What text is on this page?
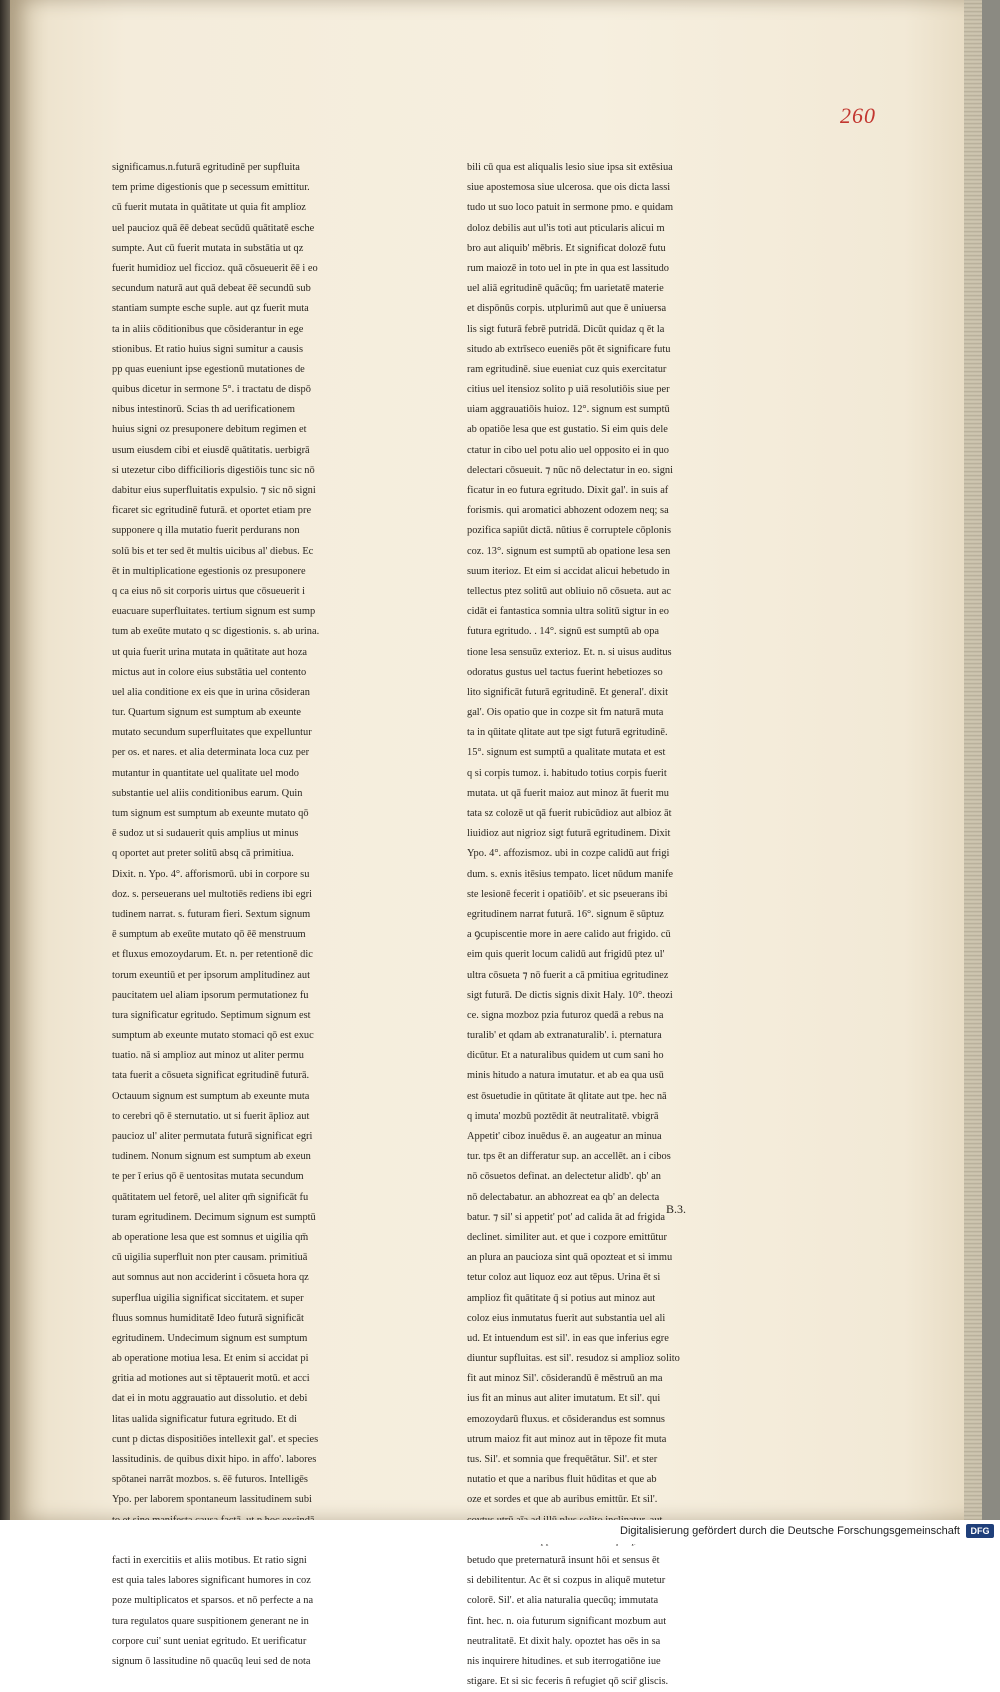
260
significamus.n.futurā egritudinē per supfluita
tem prime digestionis que p secessum emittitur.
cū fuerit mutata in quātitate ut quia fit amplioz
uel paucioz quā ēē debeat secūdū quātitatē esche
sumpte. Aut cū fuerit mutata in substātia ut qz
fuerit humidioz uel ficcioz. quā cōsueuerit ēē i eo
secundum naturā aut quā debeat ēē secundū sub
stantiam sumpte esche suple. aut qz fuerit muta
ta in aliis cōditionibus que cōsiderantur in ege
stionibus. Et ratio huius signi sumitur a causis
pp quas eueniunt ipse egestionū mutationes de
quibus dicetur in sermone 5°. i tractatu de dispō
nibus intestinorū. Scias th ad uerificationem
huius signi oz presuponere debitum regimen et
usum eiusdem cibi et eiusdē quātitatis. uerbigrā
si utezetur cibo difficilioris digestiōis tunc sic nō
dabitur eius superfluitatis expulsio. ⁊ sic nō signi
ficaret sic egritudinē futurā. et oportet etiam pre
supponere q illa mutatio fuerit perdurans non
solū bis et ter sed ēt multis uicibus al' diebus. Ec
ēt in multiplicatione egestionis oz presuponere
q ca eius nō sit corporis uirtus que cōsueuerit i
euacuare superfluitates. tertium signum est sump
tum ab exeūte mutato q sc digestionis. s. ab urina.
ut quia fuerit urina mutata in quātitate aut hoza
mictus aut in colore eius substātia uel contento
uel alia conditione ex eis que in urina cōsideran
tur. Quartum signum est sumptum ab exeunte
mutato secundum superfluitates que expelluntur
per os. et nares. et alia determinata loca cuz per
mutantur in quantitate uel qualitate uel modo
substantie uel aliis conditionibus earum. Quin
tum signum est sumptum ab exeunte mutato qō
ē sudoz ut si sudauerit quis amplius ut minus
q oportet aut preter solitū absq cā primitiua.
Dixit. n. Ypo. 4°. afforismorū. ubi in corpore su
doz. s. perseuerans uel multotiēs rediens ibi egri
tudinem narrat. s. futuram fieri. Sextum signum
ē sumptum ab exeūte mutato qō ēē menstruum
et fluxus emozoydarum. Et. n. per retentionē dic
torum exeuntiū et per ipsorum amplitudinez aut
paucitatem uel aliam ipsorum permutationez fu
tura significatur egritudo. Septimum signum est
sumptum ab exeunte mutato stomaci qō est exuc
tuatio. nā si amplioz aut minoz ut aliter permu
tata fuerit a cōsueta significat egritudinē futurā.
Octauum signum est sumptum ab exeunte muta
to cerebri qō ē sternutatio. ut si fuerit āplioz aut
paucioz ul' aliter permutata futurā significat egri
tudinem. Nonum signum est sumptum ab exeun
te per ī erius qō ē uentositas mutata secundum
quātitatem uel fetorē, uel aliter qm̄ significāt fu
turam egritudinem. Decimum signum est sumptū
ab operatione lesa que est somnus et uigilia qm̄
cū uigilia superfluit non pter causam. primitiuā
aut somnus aut non acciderint i cōsueta hora qz
superflua uigilia significat siccitatem. et super
fluus somnus humiditatē Ideo futurā significāt
egritudinem. Undecimum signum est sumptum
ab operatione motiua lesa. Et enim si accidat pi
gritia ad motiones aut si tēptauerit motū. et acci
dat ei in motu aggrauatio aut dissolutio. et debi
litas ualida significatur futura egritudo. Et di
cunt p dictas dispositiōes intellexit gal'. et species
lassitudinis. de quibus dixit hipo. in affo'. labores
spōtanei narrāt mozbos. s. ēē futuros. Intelligēs
Ypo. per laborem spontaneum lassitudinem subi
facti in exercitiis et aliis motibus. Et ratio signi
est quia tales labores significant humores in coz
poze multiplicatos et sparsos. et nō perfecte a na
tura regulatos quare suspitionem generant ne in
corpore cui' sunt ueniat egritudo. Et uerificatur
signum ō lassitudine nō quacūq leui sed de nota
bili cū qua est aliqualis lesio siue ipsa sit extēsiua
siue apostemosa siue ulcerosa. que ois dicta lassi
tudo ut suo loco patuit in sermone pmo. e quidam
doloz debilis aut ul'is toti aut pticularis alicui m
bro aut aliquib' mēbris. Et significat dolozē futu
rum maiozē in toto uel in pte in qua est lassitudo
uel aliā egritudinē quācūq; fm uarietatē materie
et dispōnūs corpis. utplurimū aut que ē uniuersa
lis sigt futurā febrē putridā. Dicūt quidaz q ēt la
situdo ab extrīseco eueniēs pōt ēt significare futu
ram egritudinē. siue eueniat cuz quis exercitatur
citius uel itensioz solito p uiā resolutiōis siue per
uiam aggrauatiōis huioz. 12°. signum est sumptū
ab opatiōe lesa que est gustatio. Si eim quis dele
ctatur in cibo uel potu alio uel opposito ei in quo
delectari cōsueuit. ⁊ nūc nō delectatur in eo. signi
ficatur in eo futura egritudo. Dixit gal'. in suis af
forismis. qui aromatici abhozent odozem neq; sa
pozifica sapiūt dictā. nūtius ē corruptele cōplonis
coz. 13°. signum est sumptū ab opatione lesa sen
suum iterioz. Et eim si accidat alicui hebetudo in
tellectus ptez solitū aut obliuio nō cōsueta. aut ac
cidāt ei fantastica somnia ultra solitū sigtur in eo
futura egritudo. . 14°. signū est sumptū ab opa
tione lesa sensuūz exterioz. Et. n. si uisus auditus
odoratus gustus uel tactus fuerint hebetiozes so
lito significāt futurā egritudinē. Et general'. dixit
gal'. Ois opatio que in cozpe sit fm naturā muta
ta in qūitate qlitate aut tpe sigt futurā egritudinē.
15°. signum est sumptū a qualitate mutata et est
q si corpis tumoz. i. habitudo totius corpis fuerit
mutata. ut qā fuerit maioz aut minoz āt fuerit mu
tata sz colozē ut qā fuerit rubicūdioz aut albioz āt
liuidioz aut nigrioz sigt futurā egritudinem. Dixit
Ypo. 4°. affozismoz. ubi in cozpe calidū aut frigi
dum. s. exnis itēsius tempato. licet nūdum manife
ste lesionē fecerit i opatiōib'. et sic pseuerans ibi
egritudinem narrat futurā. 16°. signum ē sūptuz
a ꝯcupiscentie more in aere calido aut frigido. cū
eim quis querit locum calidū aut frigidū ptez ul'
ultra cōsueta ⁊ nō fuerit a cā pmitiua egritudinez
sigt futurā. De dictis signis dixit Haly. 10°. theozi
ce. signa mozboz pzia futuroz quedā a rebus na
turalib' et qdam ab extranaturalib'. i. pternatura
dicūtur. Et a naturalibus quidem ut cum sani ho
minis hitudo a natura imutatur. et ab ea qua usū
est ōsuetudie in qūtitate āt qlitate aut tpe. hec nā
q imuta' mozbū poztēdit āt neutralitatē. vbigrā
Appetit' ciboz inuēdus ē. an augeatur an minua
tur. tps ēt an differatur sup. an accellēt. an i cibos
nō cōsuetos definat. an delectetur alidb'. qb' an
nō delectabatur. an abhozreat ea qb' an delecta
batur. ⁊ sil' si appetit' pot' ad calida āt ad frigida
declinet. similiter aut. et que i cozpore emittūtur
an plura an paucioza sint quā opozteat et si immu
tetur coloz aut liquoz eoz aut tēpus. Urina ēt si
amplioz fit quātitate q̄ si potius aut minoz aut
coloz eius inmutatus fuerit aut substantia uel ali
ud. Et intuendum est sil'. in eas que inferius egre
diuntur supfluitas. est sil'. resudoz si amplioz solito
fit aut minoz Sil'. cōsiderandū ē mēstruū an ma
ius fit an minus aut aliter imutatum. Et sil'. qui
emozoydarū fluxus. et cōsiderandus est somnus
utrum maioz fit aut minoz aut in tēpoze fit muta
tus. Sil'. et somnia que frequētātur. Sil'. et ster
nutatio et que a naribus fluit hūditas et que ab
oze et sordes et que ab auribus emittūr. Et sil'.
betudo que preternaturā insunt hōi et sensus ēt
si debilitentur. Ac ēt si cozpus in aliquē mutetur
colorē. Sil'. et alia naturalia quecūq; immutata
fint. hec. n. oia futurum significant mozbum aut
neutralitatē. Et dixit haly. opoztet has oēs in sa
nis inquirere hitudines. et sub iterrogatiōne iue
stigare. Et si sic feceris ñ refugiet qō scir̄ gliscis.
B.3.
Digitalisierung gefördert durch die Deutsche Forschungsgemeinschaft	DFG
